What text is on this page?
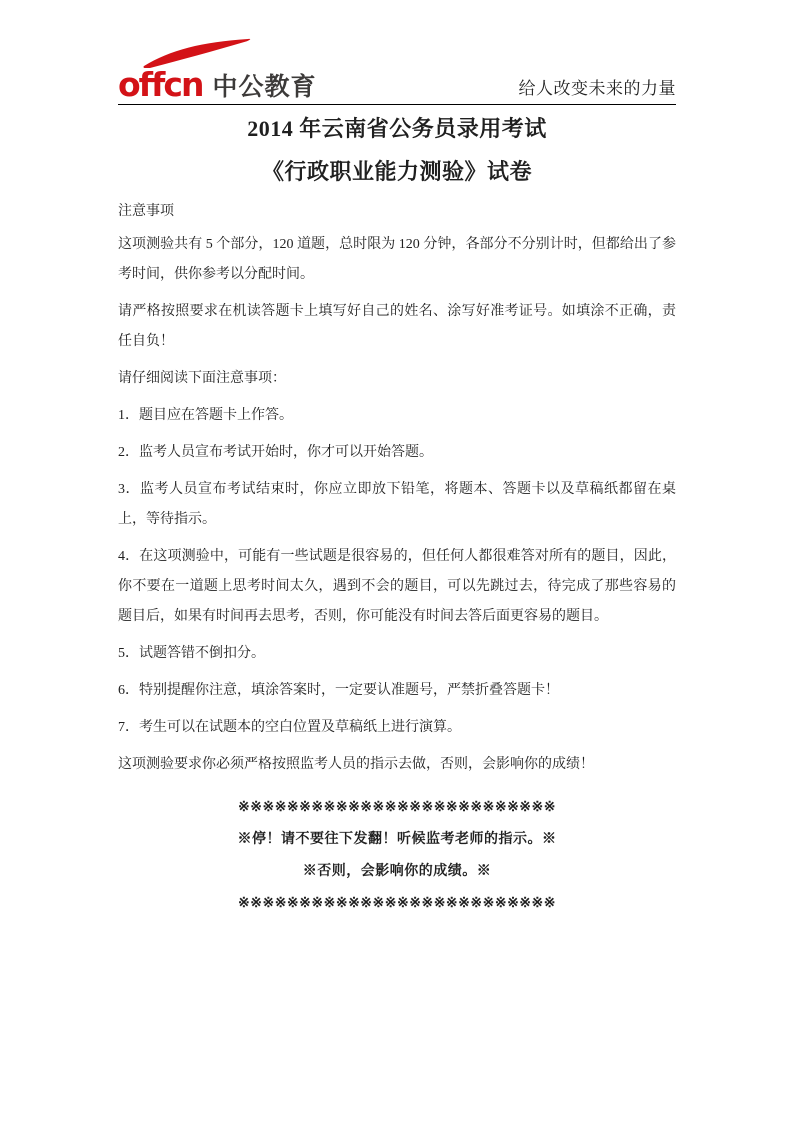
offcn 中公教育	给人改变未来的力量
2014 年云南省公务员录用考试
《行政职业能力测验》试卷
注意事项

这项测验共有 5 个部分，120 道题，总时限为 120 分钟，各部分不分别计时，但都给出了参考时间，供你参考以分配时间。

请严格按照要求在机读答题卡上填写好自己的姓名、涂写好准考证号。如填涂不正确，责任自负！

请仔细阅读下面注意事项：

1．题目应在答题卡上作答。

2．监考人员宣布考试开始时，你才可以开始答题。

3．监考人员宣布考试结束时，你应立即放下铅笔，将题本、答题卡以及草稿纸都留在桌上，等待指示。

4．在这项测验中，可能有一些试题是很容易的，但任何人都很难答对所有的题目，因此，你不要在一道题上思考时间太久，遇到不会的题目，可以先跳过去，待完成了那些容易的题目后，如果有时间再去思考，否则，你可能没有时间去答后面更容易的题目。

5．试题答错不倒扣分。

6．特别提醒你注意，填涂答案时，一定要认准题号，严禁折叠答题卡！

7．考生可以在试题本的空白位置及草稿纸上进行演算。

这项测验要求你必须严格按照监考人员的指示去做，否则，会影响你的成绩！

※※※※※※※※※※※※※※※※※※※※※※※※※※
※停！请不要往下发翻！听候监考老师的指示。※
※否则，会影响你的成绩。※
※※※※※※※※※※※※※※※※※※※※※※※※※※
